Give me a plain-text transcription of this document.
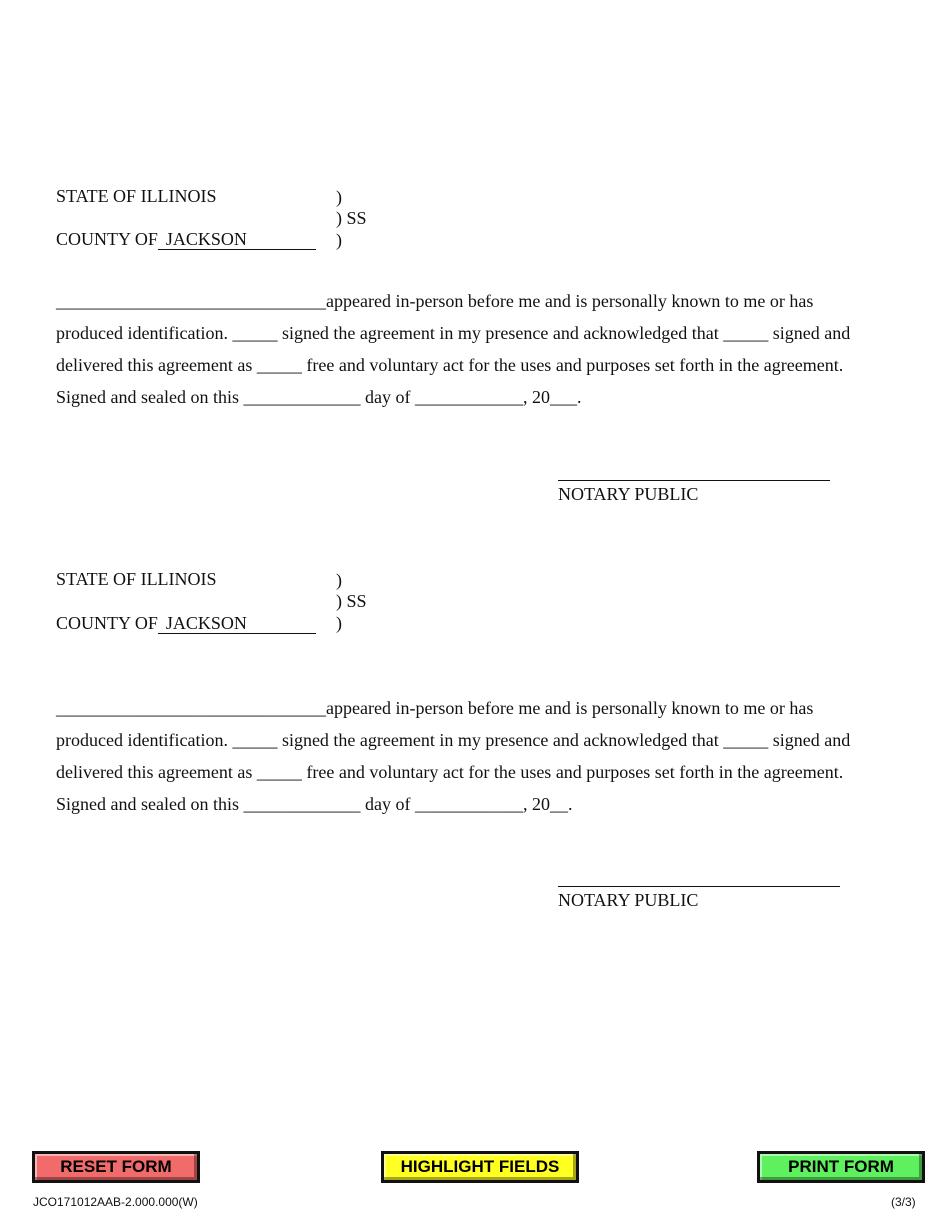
STATE OF ILLINOIS
COUNTY OF JACKSON
)
) SS
)
______________________________appeared in-person before me and is personally known to me or has
produced identification. _____ signed the agreement in my presence and acknowledged that _____ signed and
delivered this agreement as _____ free and voluntary act for the uses and purposes set forth in the agreement.
Signed and sealed on this _____________ day of ____________, 20___.
NOTARY PUBLIC
STATE OF ILLINOIS
COUNTY OF JACKSON
)
) SS
)
______________________________appeared in-person before me and is personally known to me or has
produced identification. _____ signed the agreement in my presence and acknowledged that _____ signed and
delivered this agreement as _____ free and voluntary act for the uses and purposes set forth in the agreement.
Signed and sealed on this _____________ day of ____________, 20__.
NOTARY PUBLIC
RESET FORM	HIGHLIGHT FIELDS	PRINT FORM
JCO171012AAB-2.000.000(W)	(3/3)
